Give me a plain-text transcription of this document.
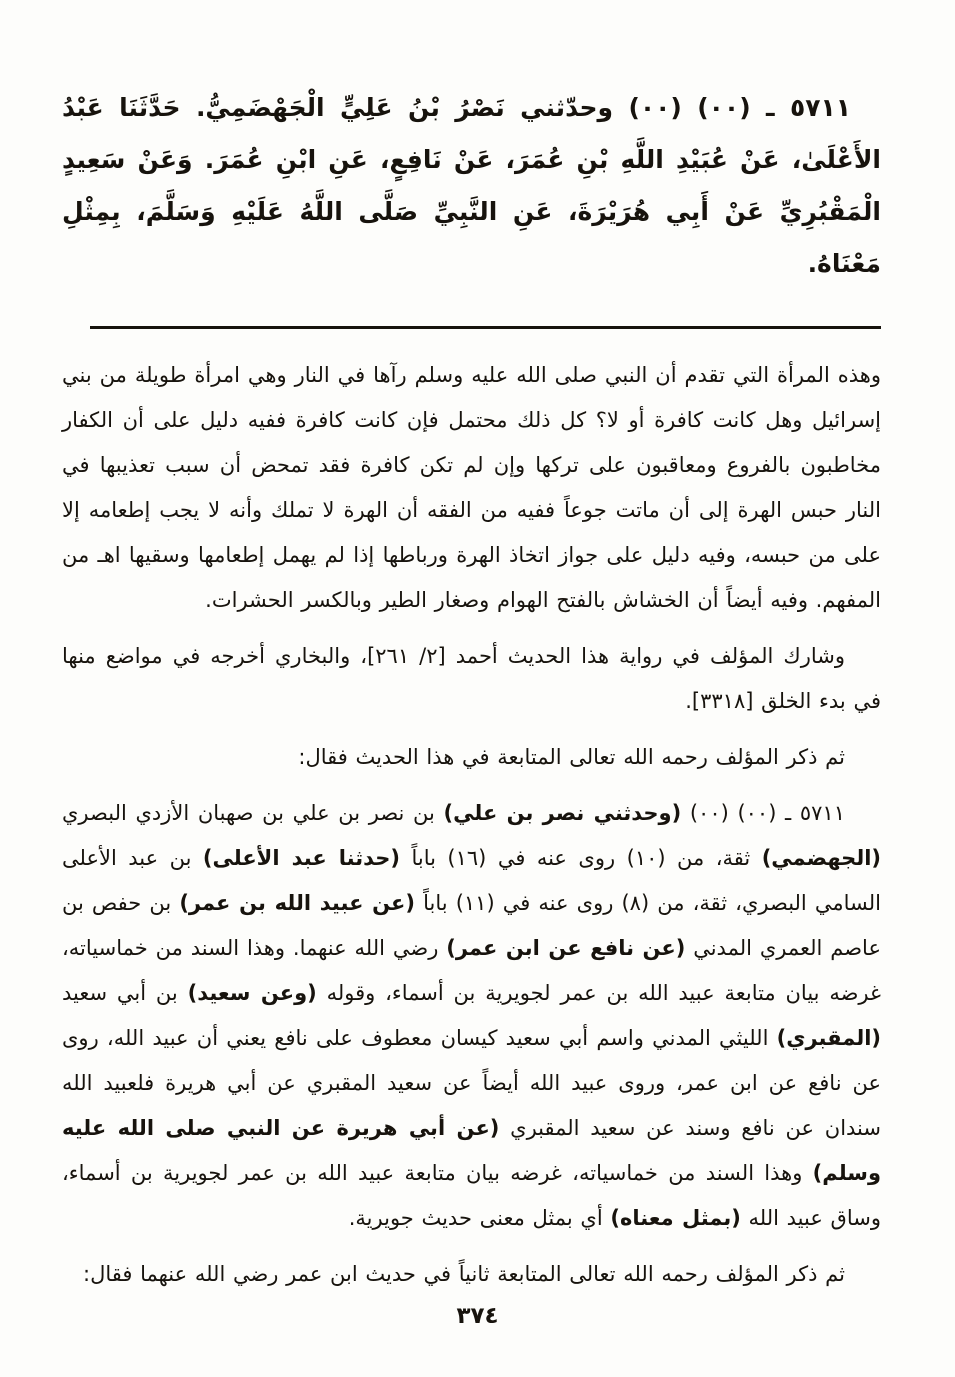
٥٧١١ ـ (٠٠) (٠٠) وحدّثني نَصْرُ بْنُ عَلِيٍّ الْجَهْضَمِيُّ. حَدَّثَنَا عَبْدُ الأَعْلَىٰ، عَنْ عُبَيْدِ اللَّهِ بْنِ عُمَرَ، عَنْ نَافِعٍ، عَنِ ابْنِ عُمَرَ. وَعَنْ سَعِيدٍ الْمَقْبُرِيِّ عَنْ أَبِي هُرَيْرَةَ، عَنِ النَّبِيِّ صَلَّى اللَّهُ عَلَيْهِ وَسَلَّمَ، بِمِثْلِ مَعْنَاهُ.

وهذه المرأة التي تقدم أن النبي صلى الله عليه وسلم رآها في النار وهي امرأة طويلة من بني إسرائيل وهل كانت كافرة أو لا؟ كل ذلك محتمل فإن كانت كافرة ففيه دليل على أن الكفار مخاطبون بالفروع ومعاقبون على تركها وإن لم تكن كافرة فقد تمحض أن سبب تعذيبها في النار حبس الهرة إلى أن ماتت جوعاً ففيه من الفقه أن الهرة لا تملك وأنه لا يجب إطعامه إلا على من حبسه، وفيه دليل على جواز اتخاذ الهرة ورباطها إذا لم يهمل إطعامها وسقيها اهـ من المفهم. وفيه أيضاً أن الخشاش بالفتح الهوام وصغار الطير وبالكسر الحشرات.

وشارك المؤلف في رواية هذا الحديث أحمد [٢/ ٢٦١]، والبخاري أخرجه في مواضع منها في بدء الخلق [٣٣١٨].

ثم ذكر المؤلف رحمه الله تعالى المتابعة في هذا الحديث فقال:

٥٧١١ ـ (٠٠) (٠٠) (وحدثني نصر بن علي) بن نصر بن علي بن صهبان الأزدي البصري (الجهضمي) ثقة، من (١٠) روى عنه في (١٦) باباً (حدثنا عبد الأعلى) بن عبد الأعلى السامي البصري، ثقة، من (٨) روى عنه في (١١) باباً (عن عبيد الله بن عمر) بن حفص بن عاصم العمري المدني (عن نافع عن ابن عمر) رضي الله عنهما. وهذا السند من خماسياته، غرضه بيان متابعة عبيد الله بن عمر لجويرية بن أسماء، وقوله (وعن سعيد) بن أبي سعيد (المقبري) الليثي المدني واسم أبي سعيد كيسان معطوف على نافع يعني أن عبيد الله، روى عن نافع عن ابن عمر، وروى عبيد الله أيضاً عن سعيد المقبري عن أبي هريرة فلعبيد الله سندان عن نافع وسند عن سعيد المقبري (عن أبي هريرة عن النبي صلى الله عليه وسلم) وهذا السند من خماسياته، غرضه بيان متابعة عبيد الله بن عمر لجويرية بن أسماء، وساق عبيد الله (بمثل معناه) أي بمثل معنى حديث جويرية.

ثم ذكر المؤلف رحمه الله تعالى المتابعة ثانياً في حديث ابن عمر رضي الله عنهما فقال:

٣٧٤
